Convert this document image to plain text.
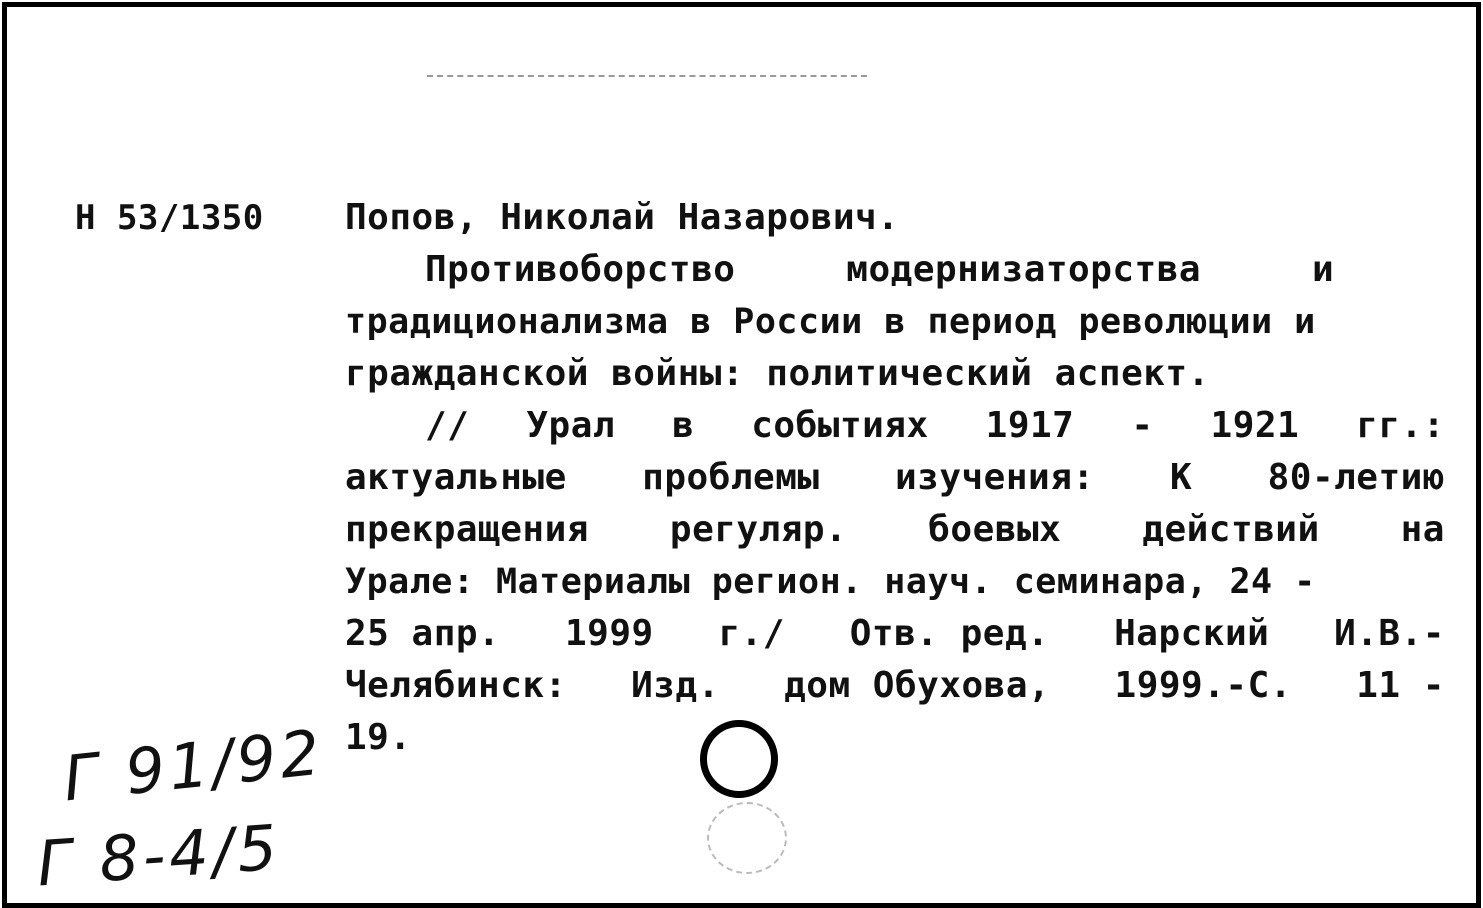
Н 53/1350 Попов, Николай Назарович.
Противоборство	модернизаторства	и
традиционализма в России в период революции и
гражданской войны: политический аспект.
// Урал в событиях 1917 - 1921 гг.:
актуальные проблемы изучения: К 80-летию
прекращения регуляр. боевых действий на
Урале: Материалы регион. науч. семинара, 24 -
25 апр. 1999 г./ Отв. ред. Нарский И.В.-
Челябинск: Изд. дом Обухова, 1999.-С. 11 -
19.
Г 91/92
Г 8-4/5
